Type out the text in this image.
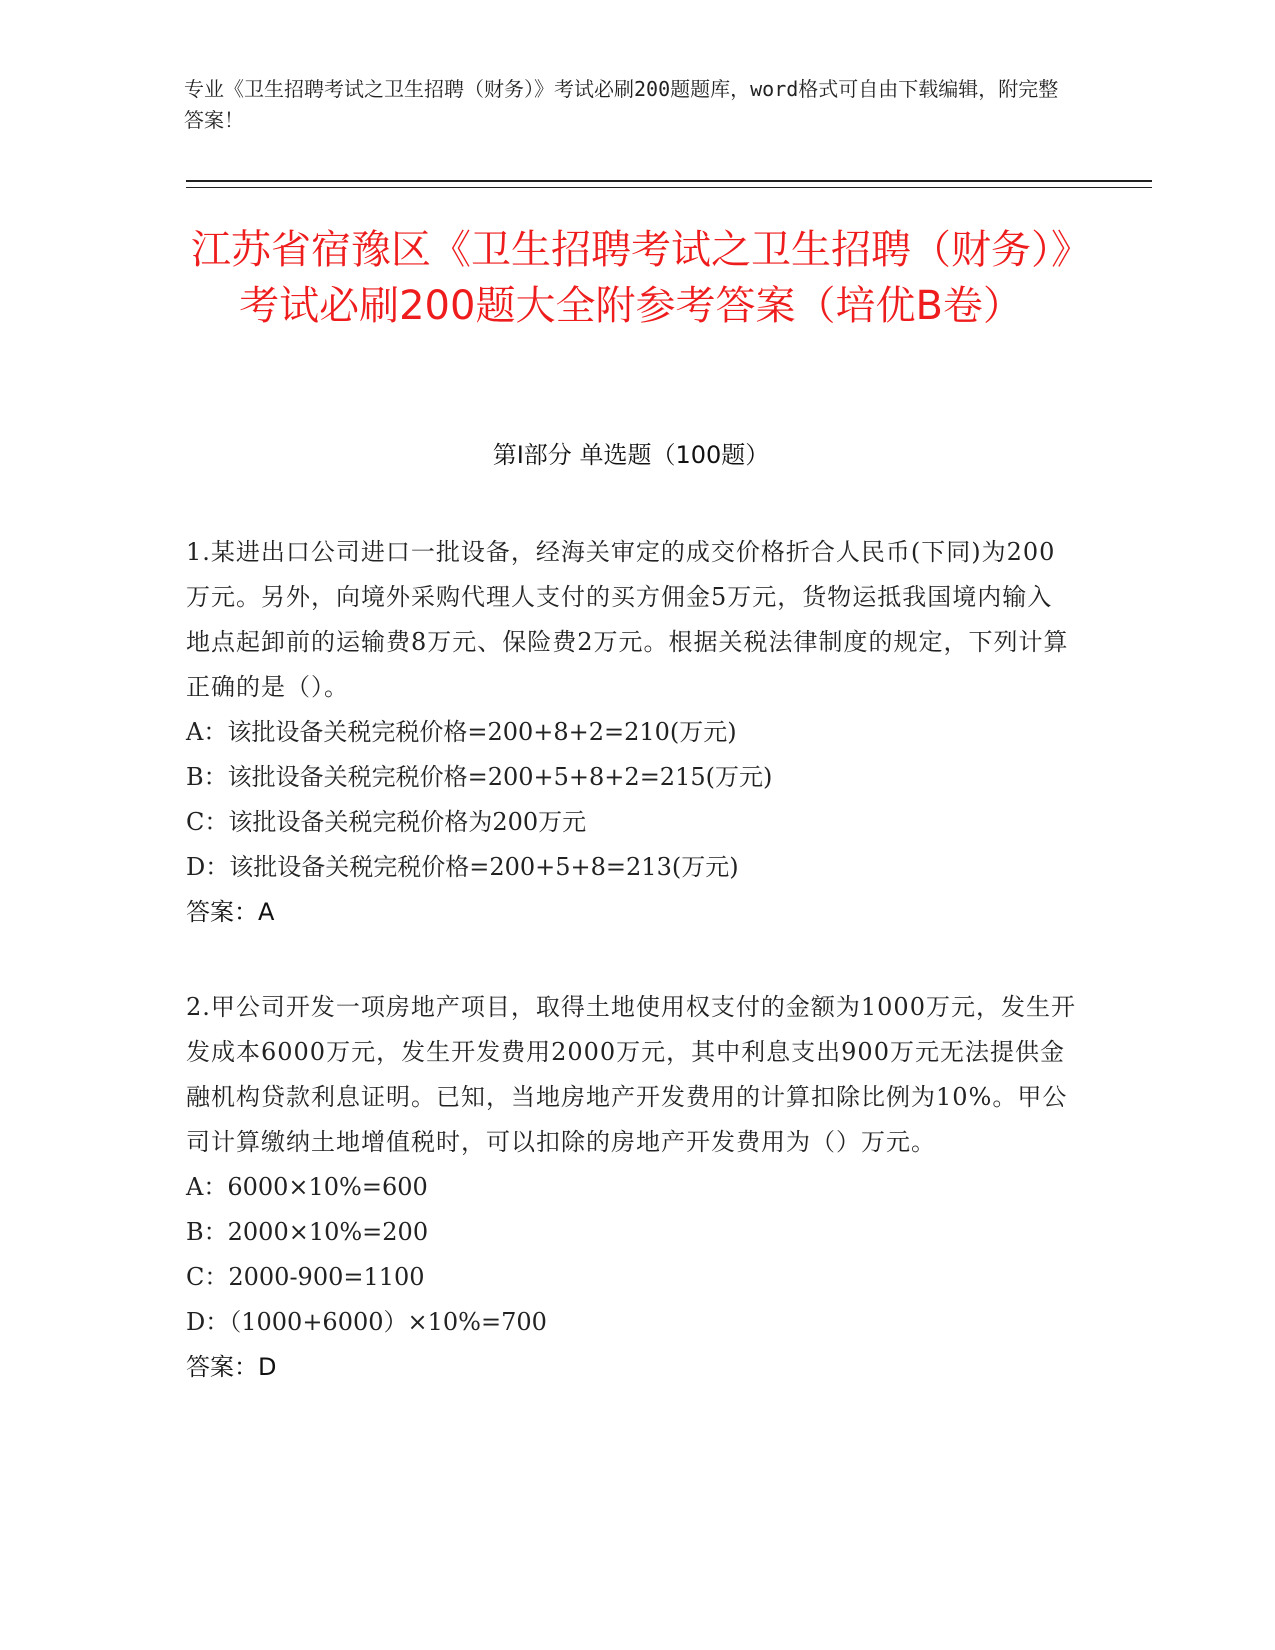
专业《卫生招聘考试之卫生招聘（财务）》考试必刷200题题库，word格式可自由下载编辑，附完整答案！
江苏省宿豫区《卫生招聘考试之卫生招聘（财务）》考试必刷200题大全附参考答案（培优B卷）
第Ⅰ部分 单选题（100题）
1.某进出口公司进口一批设备，经海关审定的成交价格折合人民币(下同)为200万元。另外，向境外采购代理人支付的买方佣金5万元，货物运抵我国境内输入地点起卸前的运输费8万元、保险费2万元。根据关税法律制度的规定，下列计算正确的是（）。
A：该批设备关税完税价格=200+8+2=210(万元)
B：该批设备关税完税价格=200+5+8+2=215(万元)
C：该批设备关税完税价格为200万元
D：该批设备关税完税价格=200+5+8=213(万元)
答案：A
2.甲公司开发一项房地产项目，取得土地使用权支付的金额为1000万元，发生开发成本6000万元，发生开发费用2000万元，其中利息支出900万元无法提供金融机构贷款利息证明。已知，当地房地产开发费用的计算扣除比例为10%。甲公司计算缴纳土地增值税时，可以扣除的房地产开发费用为（）万元。
A：6000×10%=600
B：2000×10%=200
C：2000-900=1100
D：（1000+6000）×10%=700
答案：D
